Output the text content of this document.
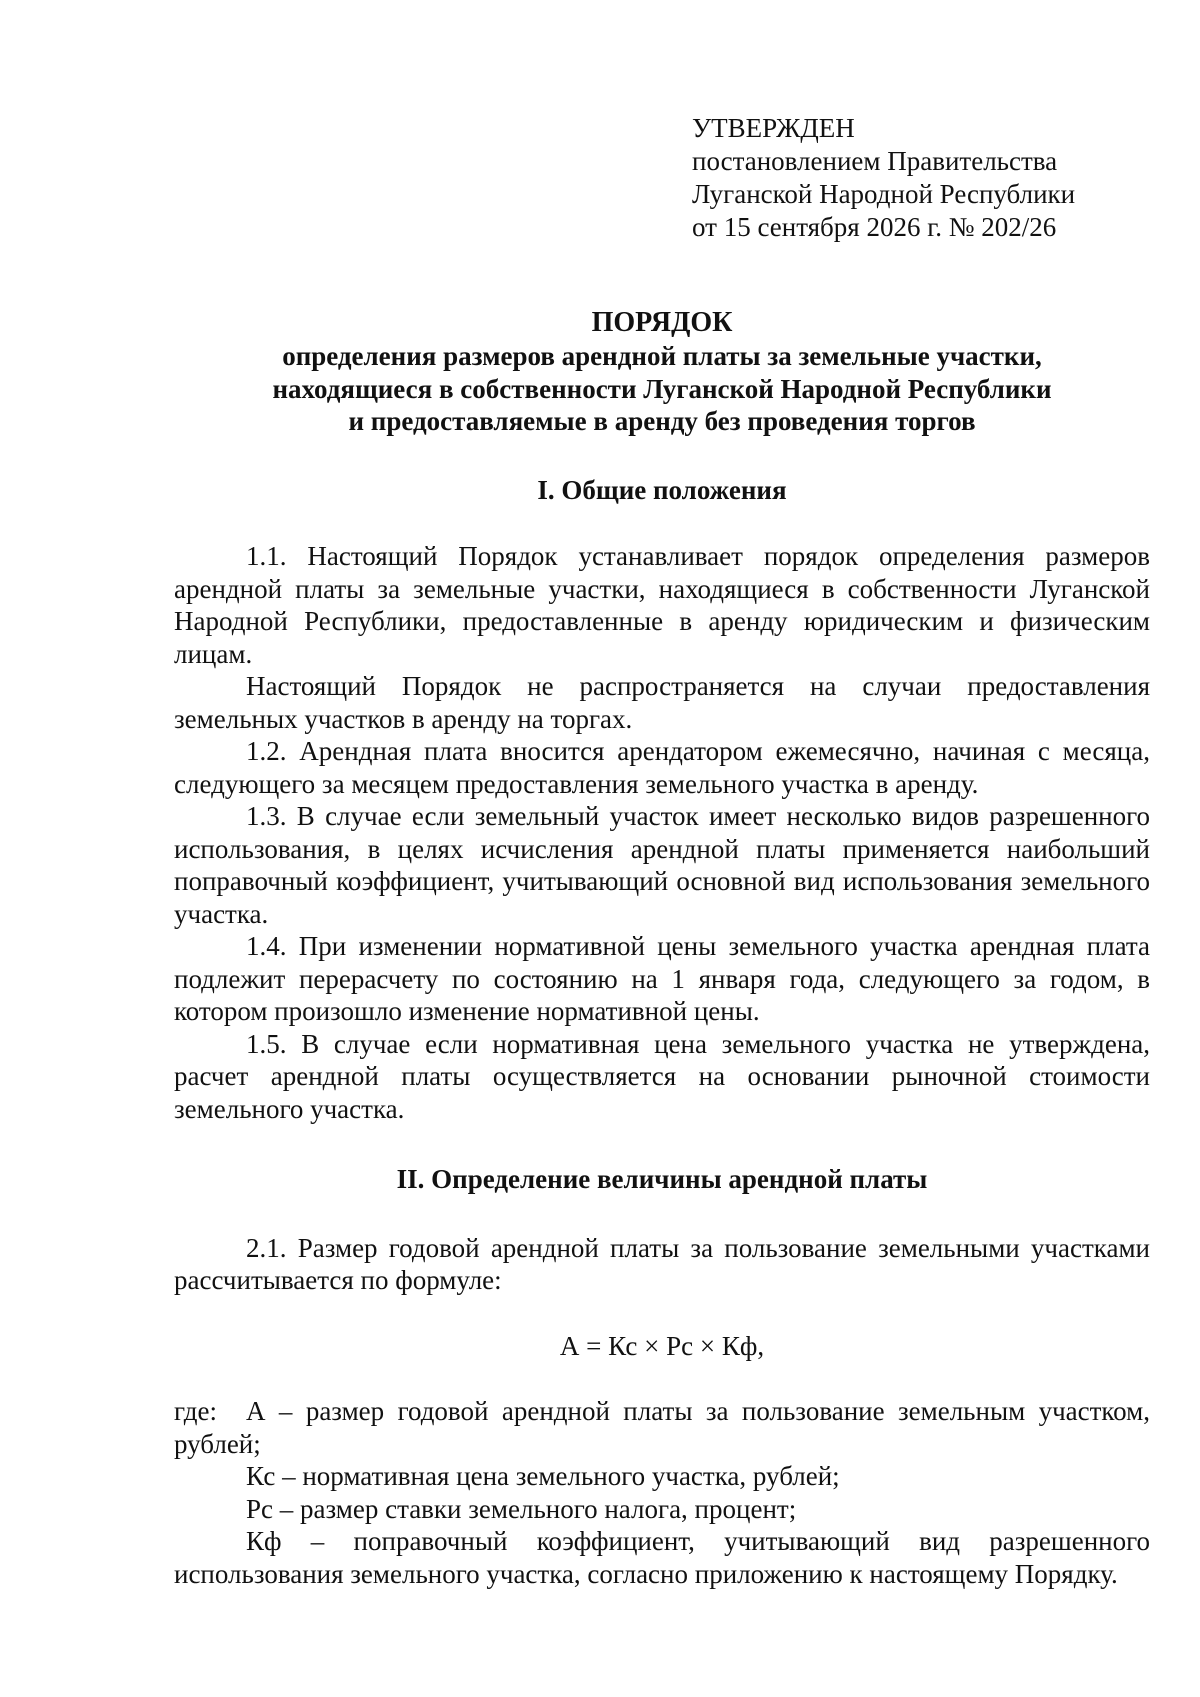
УТВЕРЖДЕН
постановлением Правительства
Луганской Народной Республики
от 15 сентября 2026 г. № 202/26
ПОРЯДОК
определения размеров арендной платы за земельные участки,
находящиеся в собственности Луганской Народной Республики
и предоставляемые в аренду без проведения торгов
I. Общие положения

1.1. Настоящий Порядок устанавливает порядок определения размеров арендной платы за земельные участки, находящиеся в собственности Луганской Народной Республики, предоставленные в аренду юридическим и физическим лицам.

Настоящий Порядок не распространяется на случаи предоставления земельных участков в аренду на торгах.

1.2. Арендная плата вносится арендатором ежемесячно, начиная с месяца, следующего за месяцем предоставления земельного участка в аренду.

1.3. В случае если земельный участок имеет несколько видов разрешенного использования, в целях исчисления арендной платы применяется наибольший поправочный коэффициент, учитывающий основной вид использования земельного участка.

1.4. При изменении нормативной цены земельного участка арендная плата подлежит перерасчету по состоянию на 1 января года, следующего за годом, в котором произошло изменение нормативной цены.

1.5. В случае если нормативная цена земельного участка не утверждена, расчет арендной платы осуществляется на основании рыночной стоимости земельного участка.

II. Определение величины арендной платы

2.1. Размер годовой арендной платы за пользование земельными участками рассчитывается по формуле:

А = Кс × Рс × Кф,

где: А – размер годовой арендной платы за пользование земельным участком, рублей;

Кс – нормативная цена земельного участка, рублей;

Рс – размер ставки земельного налога, процент;

Кф – поправочный коэффициент, учитывающий вид разрешенного использования земельного участка, согласно приложению к настоящему Порядку.
